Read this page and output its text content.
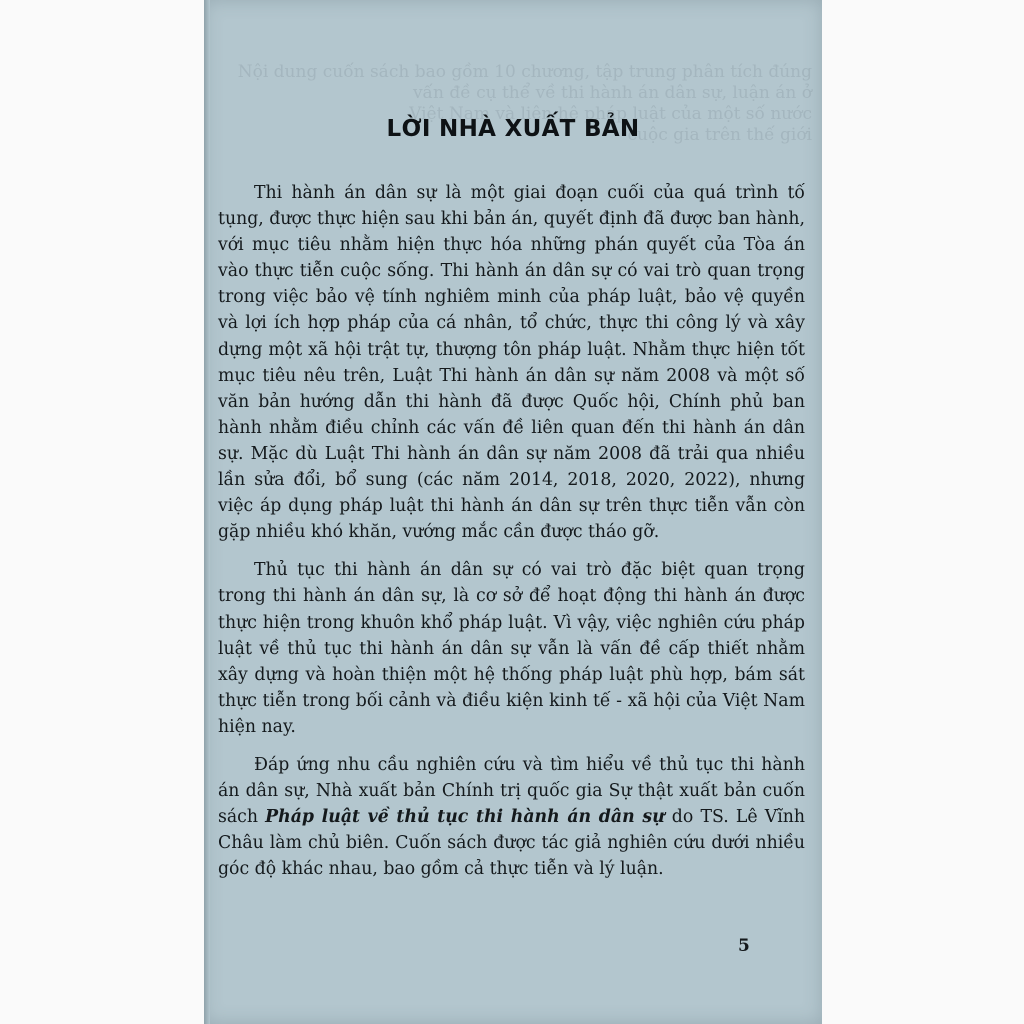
Nội dung cuốn sách bao gồm 10 chương, tập trung phân tích đúng
vấn đề cụ thể về thi hành án dân sự, luận án ở
Việt Nam và liên hệ pháp luật của một số nước
cuộc gia trên thế giới
LỜI NHÀ XUẤT BẢN

Thi hành án dân sự là một giai đoạn cuối của quá trình tố tụng, được thực hiện sau khi bản án, quyết định đã được ban hành, với mục tiêu nhằm hiện thực hóa những phán quyết của Tòa án vào thực tiễn cuộc sống. Thi hành án dân sự có vai trò quan trọng trong việc bảo vệ tính nghiêm minh của pháp luật, bảo vệ quyền và lợi ích hợp pháp của cá nhân, tổ chức, thực thi công lý và xây dựng một xã hội trật tự, thượng tôn pháp luật. Nhằm thực hiện tốt mục tiêu nêu trên, Luật Thi hành án dân sự năm 2008 và một số văn bản hướng dẫn thi hành đã được Quốc hội, Chính phủ ban hành nhằm điều chỉnh các vấn đề liên quan đến thi hành án dân sự. Mặc dù Luật Thi hành án dân sự năm 2008 đã trải qua nhiều lần sửa đổi, bổ sung (các năm 2014, 2018, 2020, 2022), nhưng việc áp dụng pháp luật thi hành án dân sự trên thực tiễn vẫn còn gặp nhiều khó khăn, vướng mắc cần được tháo gỡ.

Thủ tục thi hành án dân sự có vai trò đặc biệt quan trọng trong thi hành án dân sự, là cơ sở để hoạt động thi hành án được thực hiện trong khuôn khổ pháp luật. Vì vậy, việc nghiên cứu pháp luật về thủ tục thi hành án dân sự vẫn là vấn đề cấp thiết nhằm xây dựng và hoàn thiện một hệ thống pháp luật phù hợp, bám sát thực tiễn trong bối cảnh và điều kiện kinh tế - xã hội của Việt Nam hiện nay.

Đáp ứng nhu cầu nghiên cứu và tìm hiểu về thủ tục thi hành án dân sự, Nhà xuất bản Chính trị quốc gia Sự thật xuất bản cuốn sách Pháp luật về thủ tục thi hành án dân sự do TS. Lê Vĩnh Châu làm chủ biên. Cuốn sách được tác giả nghiên cứu dưới nhiều góc độ khác nhau, bao gồm cả thực tiễn và lý luận.

5
